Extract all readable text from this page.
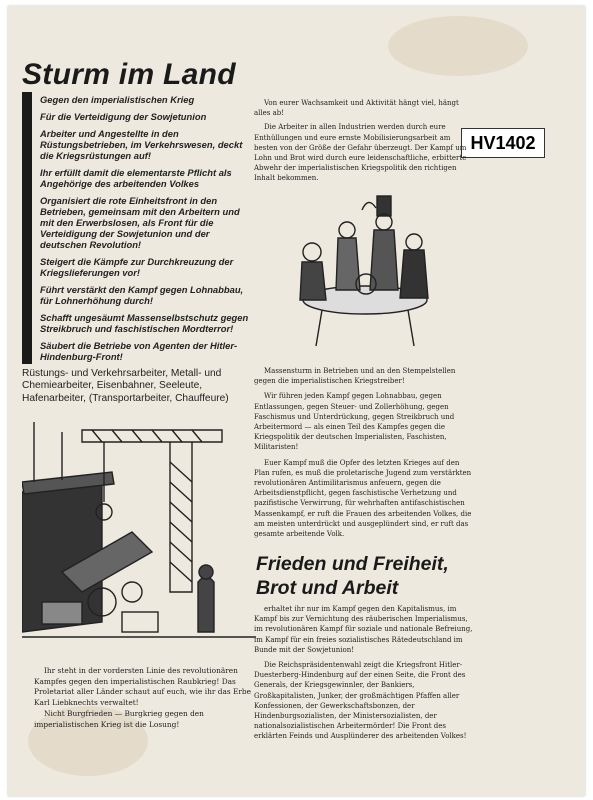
HV1402
Sturm im Land
Gegen den imperialistischen Krieg
Für die Verteidigung der Sowjetunion
Arbeiter und Angestellte in den Rüstungsbetrieben, im Verkehrswesen, deckt die Kriegsrüstungen auf!
Ihr erfüllt damit die elementarste Pflicht als Angehörige des arbeitenden Volkes
Organisiert die rote Einheitsfront in den Betrieben, gemeinsam mit den Arbeitern und mit den Erwerbslosen, als Front für die Verteidigung der Sowjetunion und der deutschen Revolution!
Steigert die Kämpfe zur Durchkreuzung der Kriegslieferungen vor!
Führt verstärkt den Kampf gegen Lohnabbau, für Lohnerhöhung durch!
Schafft ungesäumt Massenselbstschutz gegen Streikbruch und faschistischen Mordterror!
Säubert die Betriebe von Agenten der Hitler-Hindenburg-Front!
Rüstungs- und Verkehrsarbeiter, Metall- und Chemiearbeiter, Eisenbahner, Seeleute, Hafenarbeiter, (Transportarbeiter, Chauffeure)
Ihr steht in der vordersten Linie des revolutionären Kampfes gegen den imperialistischen Raubkrieg! Das Proletariat aller Länder schaut auf euch, wie ihr das Erbe Karl Liebknechts verwaltet!
Nicht Burgfrieden — Burgkrieg gegen den imperialistischen Krieg ist die Losung!

Von eurer Wachsamkeit und Aktivität hängt viel, hängt alles ab!

Die Arbeiter in allen Industrien werden durch eure Enthüllungen und eure ernste Mobilisierungsarbeit am besten von der Größe der Gefahr überzeugt. Der Kampf um Lohn und Brot wird durch eure leidenschaftliche, erbitterte Abwehr der imperialistischen Kriegspolitik den richtigen Inhalt bekommen.

Massensturm in Betrieben und an den Stempelstellen gegen die imperialistischen Kriegstreiber!

Wir führen jeden Kampf gegen Lohnabbau, gegen Entlassungen, gegen Steuer- und Zollerhöhung, gegen Faschismus und Unterdrückung, gegen Streikbruch und Arbeitermord — als einen Teil des Kampfes gegen die Kriegspolitik der deutschen Imperialisten, Faschisten, Militaristen!

Euer Kampf muß die Opfer des letzten Krieges auf den Plan rufen, es muß die proletarische Jugend zum verstärkten revolutionären Antimilitarismus anfeuern, gegen die Arbeitsdienstpflicht, gegen faschistische Verhetzung und pazifistische Verwirrung, für wehrhaften antifaschistischen Massenkampf, er ruft die Frauen des arbeitenden Volkes, die am meisten unterdrückt und ausgeplündert sind, er ruft das gesamte arbeitende Volk.

Frieden und Freiheit,
Brot und Arbeit

erhaltet ihr nur im Kampf gegen den Kapitalismus, im Kampf bis zur Vernichtung des räuberischen Imperialismus, im revolutionären Kampf für soziale und nationale Befreiung, im Kampf für ein freies sozialistisches Rätedeutschland im Bunde mit der Sowjetunion!

Die Reichspräsidentenwahl zeigt die Kriegsfront Hitler-Duesterberg-Hindenburg auf der einen Seite, die Front des Generals, der Kriegsgewinnler, der Bankiers, Großkapitalisten, Junker, der großmächtigen Pfaffen aller Konfessionen, der Gewerkschaftsbonzen, der Hindenburgsozialisten, der Ministersozialisten, der nationalsozialistischen Arbeitermörder! Die Front des erklärten Feinds und Ausplünderer des arbeitenden Volkes!
